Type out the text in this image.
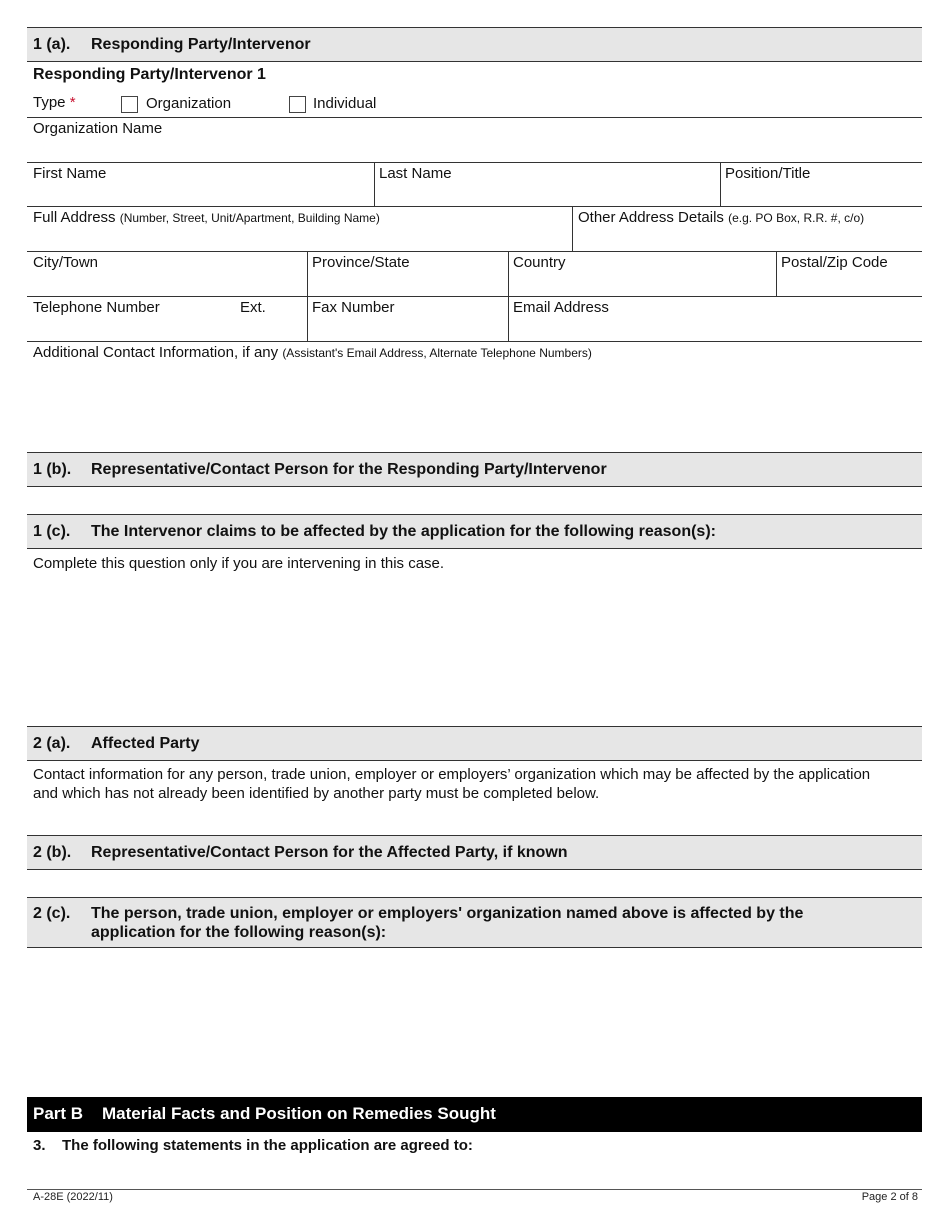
1 (a). Responding Party/Intervenor
Responding Party/Intervenor 1
Type *	Organization	Individual
Organization Name
First Name	Last Name	Position/Title
Full Address (Number, Street, Unit/Apartment, Building Name)	Other Address Details (e.g. PO Box, R.R. #, c/o)
City/Town	Province/State	Country	Postal/Zip Code
Telephone Number	Ext.	Fax Number	Email Address
Additional Contact Information, if any (Assistant's Email Address, Alternate Telephone Numbers)
1 (b). Representative/Contact Person for the Responding Party/Intervenor
1 (c). The Intervenor claims to be affected by the application for the following reason(s):
Complete this question only if you are intervening in this case.
2 (a). Affected Party
Contact information for any person, trade union, employer or employers’ organization which may be affected by the application
and which has not already been identified by another party must be completed below.
2 (b). Representative/Contact Person for the Affected Party, if known
2 (c). The person, trade union, employer or employers' organization named above is affected by the
application for the following reason(s):
Part B Material Facts and Position on Remedies Sought
3. The following statements in the application are agreed to:
A-28E (2022/11)	Page 2 of 8
